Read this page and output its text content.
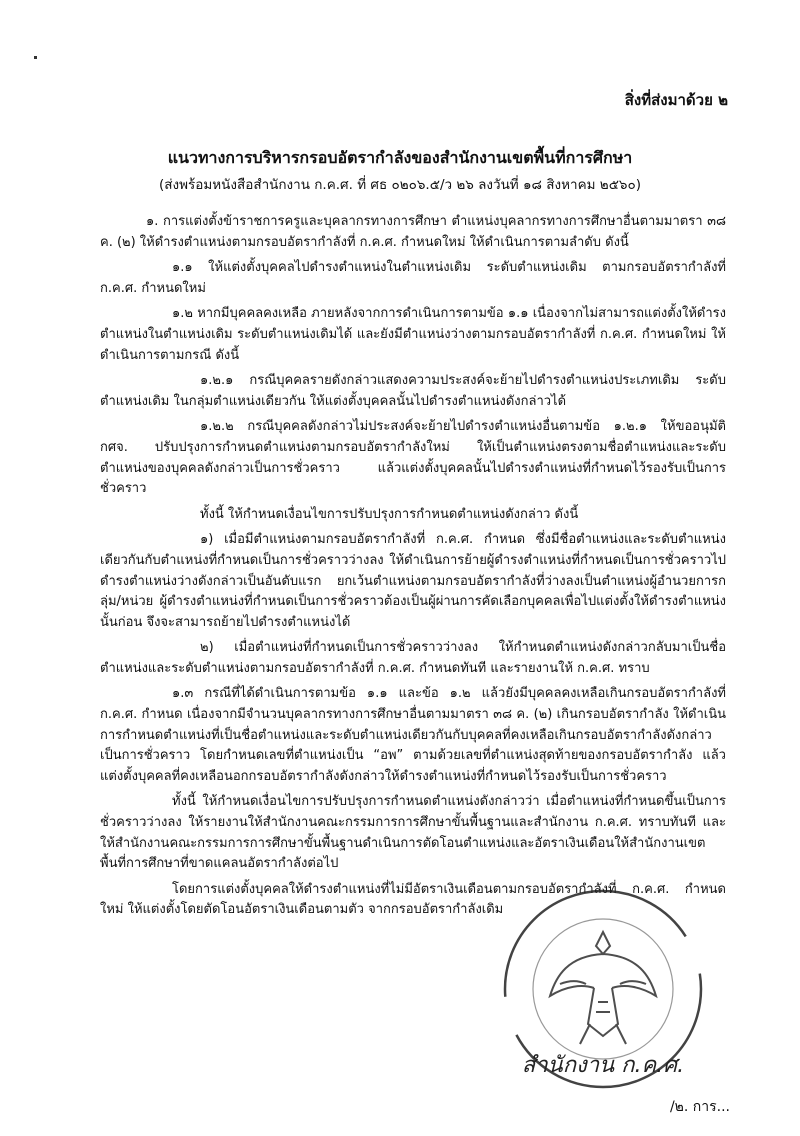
สิ่งที่ส่งมาด้วย ๒
แนวทางการบริหารกรอบอัตรากำลังของสำนักงานเขตพื้นที่การศึกษา
(ส่งพร้อมหนังสือสำนักงาน ก.ค.ศ. ที่ ศธ ๐๒๐๖.๕/ว ๒๖ ลงวันที่ ๑๘ สิงหาคม ๒๕๖๐)

๑. การแต่งตั้งข้าราชการครูและบุคลากรทางการศึกษา ตำแหน่งบุคลากรทางการศึกษาอื่นตามมาตรา ๓๘ ค. (๒) ให้ดำรงตำแหน่งตามกรอบอัตรากำลังที่ ก.ค.ศ. กำหนดใหม่ ให้ดำเนินการตามลำดับ ดังนี้

๑.๑ ให้แต่งตั้งบุคคลไปดำรงตำแหน่งในตำแหน่งเดิม ระดับตำแหน่งเดิม ตามกรอบอัตรากำลังที่ ก.ค.ศ. กำหนดใหม่

๑.๒ หากมีบุคคลคงเหลือ ภายหลังจากการดำเนินการตามข้อ ๑.๑ เนื่องจากไม่สามารถแต่งตั้งให้ดำรงตำแหน่งในตำแหน่งเดิม ระดับตำแหน่งเดิมได้ และยังมีตำแหน่งว่างตามกรอบอัตรากำลังที่ ก.ค.ศ. กำหนดใหม่ ให้ดำเนินการตามกรณี ดังนี้

๑.๒.๑ กรณีบุคคลรายดังกล่าวแสดงความประสงค์จะย้ายไปดำรงตำแหน่งประเภทเดิม ระดับตำแหน่งเดิม ในกลุ่มตำแหน่งเดียวกัน ให้แต่งตั้งบุคคลนั้นไปดำรงตำแหน่งดังกล่าวได้

๑.๒.๒ กรณีบุคคลดังกล่าวไม่ประสงค์จะย้ายไปดำรงตำแหน่งอื่นตามข้อ ๑.๒.๑ ให้ขออนุมัติ กศจ. ปรับปรุงการกำหนดตำแหน่งตามกรอบอัตรากำลังใหม่ ให้เป็นตำแหน่งตรงตามชื่อตำแหน่งและระดับตำแหน่งของบุคคลดังกล่าวเป็นการชั่วคราว แล้วแต่งตั้งบุคคลนั้นไปดำรงตำแหน่งที่กำหนดไว้รองรับเป็นการชั่วคราว

ทั้งนี้ ให้กำหนดเงื่อนไขการปรับปรุงการกำหนดตำแหน่งดังกล่าว ดังนี้

๑) เมื่อมีตำแหน่งตามกรอบอัตรากำลังที่ ก.ค.ศ. กำหนด ซึ่งมีชื่อตำแหน่งและระดับตำแหน่งเดียวกันกับตำแหน่งที่กำหนดเป็นการชั่วคราวว่างลง ให้ดำเนินการย้ายผู้ดำรงตำแหน่งที่กำหนดเป็นการชั่วคราวไปดำรงตำแหน่งว่างดังกล่าวเป็นอันดับแรก ยกเว้นตำแหน่งตามกรอบอัตรากำลังที่ว่างลงเป็นตำแหน่งผู้อำนวยการกลุ่ม/หน่วย ผู้ดำรงตำแหน่งที่กำหนดเป็นการชั่วคราวต้องเป็นผู้ผ่านการคัดเลือกบุคคลเพื่อไปแต่งตั้งให้ดำรงตำแหน่งนั้นก่อน จึงจะสามารถย้ายไปดำรงตำแหน่งได้

๒) เมื่อตำแหน่งที่กำหนดเป็นการชั่วคราวว่างลง ให้กำหนดตำแหน่งดังกล่าวกลับมาเป็นชื่อตำแหน่งและระดับตำแหน่งตามกรอบอัตรากำลังที่ ก.ค.ศ. กำหนดทันที และรายงานให้ ก.ค.ศ. ทราบ

๑.๓ กรณีที่ได้ดำเนินการตามข้อ ๑.๑ และข้อ ๑.๒ แล้วยังมีบุคคลคงเหลือเกินกรอบอัตรากำลังที่ ก.ค.ศ. กำหนด เนื่องจากมีจำนวนบุคลากรทางการศึกษาอื่นตามมาตรา ๓๘ ค. (๒) เกินกรอบอัตรากำลัง ให้ดำเนินการกำหนดตำแหน่งที่เป็นชื่อตำแหน่งและระดับตำแหน่งเดียวกันกับบุคคลที่คงเหลือเกินกรอบอัตรากำลังดังกล่าวเป็นการชั่วคราว โดยกำหนดเลขที่ตำแหน่งเป็น “อพ” ตามด้วยเลขที่ตำแหน่งสุดท้ายของกรอบอัตรากำลัง แล้วแต่งตั้งบุคคลที่คงเหลือนอกกรอบอัตรากำลังดังกล่าวให้ดำรงตำแหน่งที่กำหนดไว้รองรับเป็นการชั่วคราว

ทั้งนี้ ให้กำหนดเงื่อนไขการปรับปรุงการกำหนดตำแหน่งดังกล่าวว่า เมื่อตำแหน่งที่กำหนดขึ้นเป็นการชั่วคราวว่างลง ให้รายงานให้สำนักงานคณะกรรมการการศึกษาขั้นพื้นฐานและสำนักงาน ก.ค.ศ. ทราบทันที และให้สำนักงานคณะกรรมการการศึกษาขั้นพื้นฐานดำเนินการตัดโอนตำแหน่งและอัตราเงินเดือนให้สำนักงานเขตพื้นที่การศึกษาที่ขาดแคลนอัตรากำลังต่อไป

โดยการแต่งตั้งบุคคลให้ดำรงตำแหน่งที่ไม่มีอัตราเงินเดือนตามกรอบอัตรากำลังที่ ก.ค.ศ. กำหนดใหม่ ให้แต่งตั้งโดยตัดโอนอัตราเงินเดือนตามตัว จากกรอบอัตรากำลังเดิม

สำนักงาน ก.ค.ศ.
/๒. การ...
